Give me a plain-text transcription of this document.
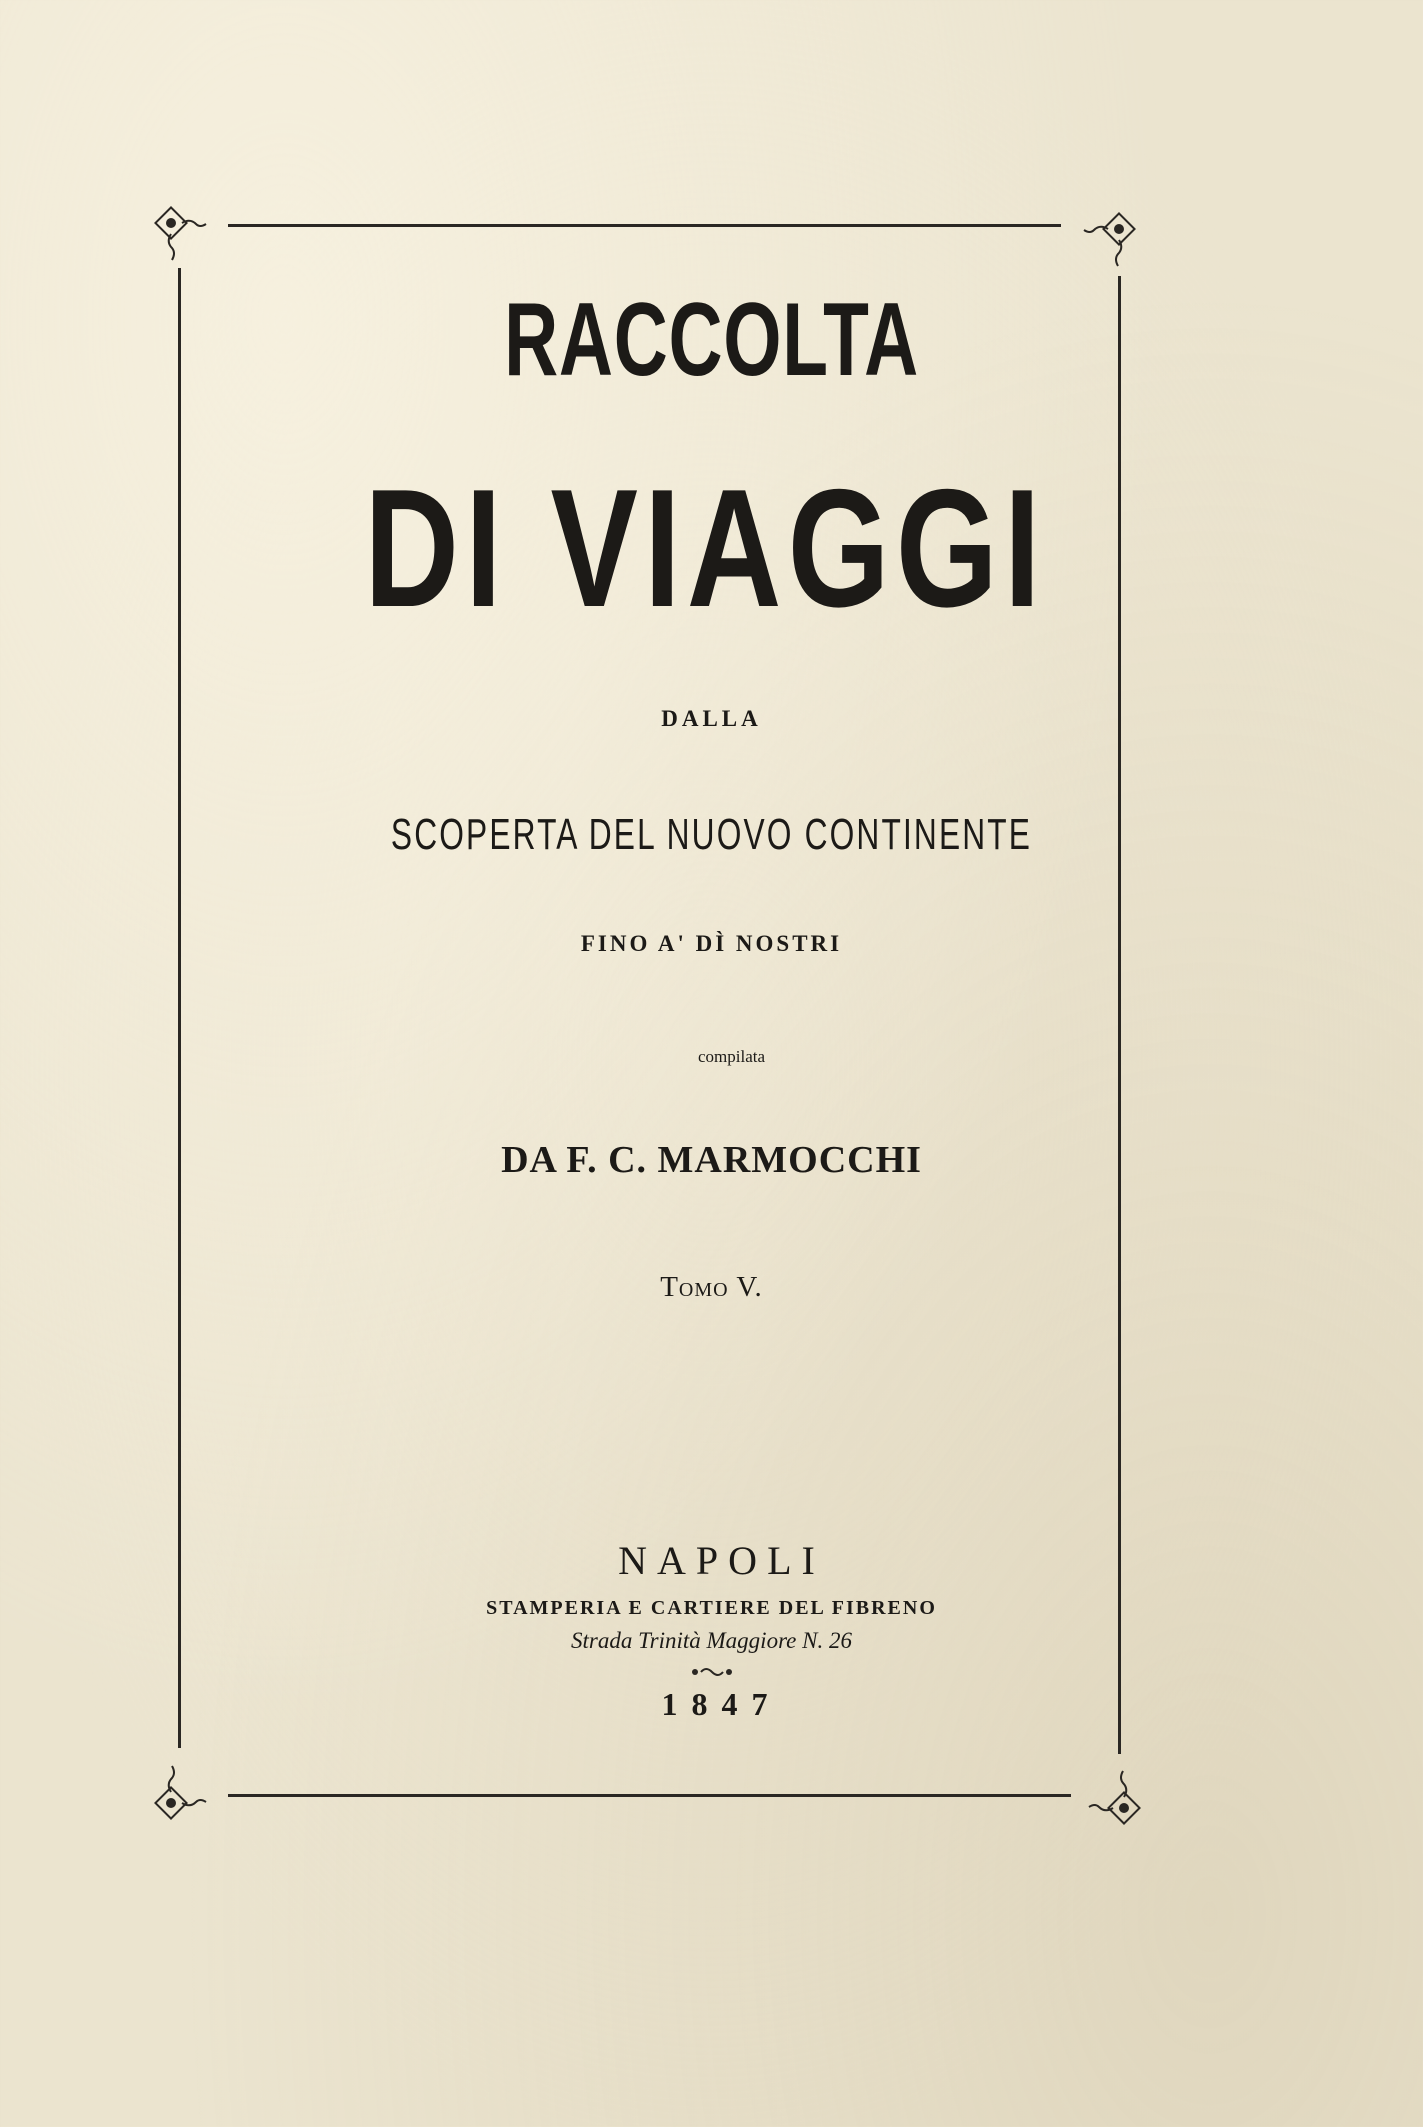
RACCOLTA
DI VIAGGI
DALLA
SCOPERTA DEL NUOVO CONTINENTE
FINO A' DÌ NOSTRI
compilata
DA F. C. MARMOCCHI
Tomo V.
NAPOLI
STAMPERIA E CARTIERE DEL FIBRENO
Strada Trinità Maggiore N. 26
1847
